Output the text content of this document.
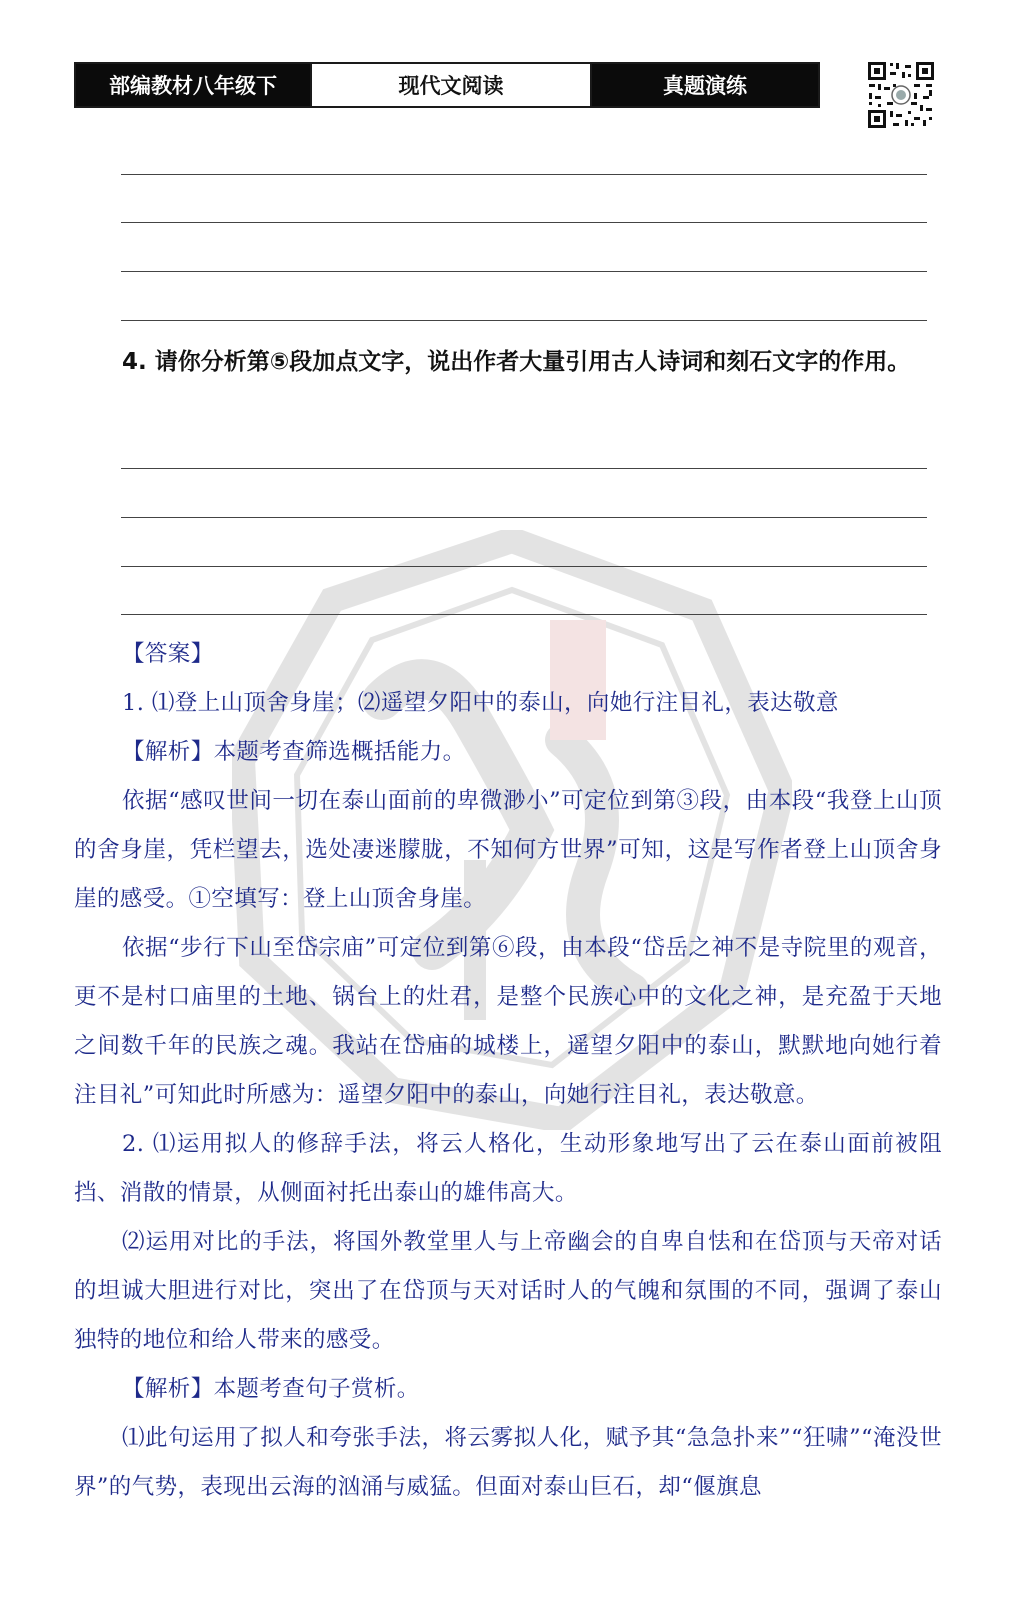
部编教材八年级下	现代文阅读	真题演练
4. 请你分析第⑤段加点文字，说出作者大量引用古人诗词和刻石文字的作用。

【答案】

1. ⑴登上山顶舍身崖；⑵遥望夕阳中的泰山，向她行注目礼，表达敬意

【解析】本题考查筛选概括能力。

依据“感叹世间一切在泰山面前的卑微渺小”可定位到第③段，由本段“我登上山顶的舍身崖，凭栏望去，选处凄迷朦胧，不知何方世界”可知，这是写作者登上山顶舍身崖的感受。①空填写：登上山顶舍身崖。

依据“步行下山至岱宗庙”可定位到第⑥段，由本段“岱岳之神不是寺院里的观音，更不是村口庙里的土地、锅台上的灶君，是整个民族心中的文化之神，是充盈于天地之间数千年的民族之魂。我站在岱庙的城楼上，遥望夕阳中的泰山，默默地向她行着注目礼”可知此时所感为：遥望夕阳中的泰山，向她行注目礼，表达敬意。

2. ⑴运用拟人的修辞手法，将云人格化，生动形象地写出了云在泰山面前被阻挡、消散的情景，从侧面衬托出泰山的雄伟高大。

⑵运用对比的手法，将国外教堂里人与上帝幽会的自卑自怯和在岱顶与天帝对话的坦诚大胆进行对比，突出了在岱顶与天对话时人的气魄和氛围的不同，强调了泰山独特的地位和给人带来的感受。

【解析】本题考查句子赏析。

⑴此句运用了拟人和夸张手法，将云雾拟人化，赋予其“急急扑来”“狂啸”“淹没世界”的气势，表现出云海的汹涌与威猛。但面对泰山巨石，却“偃旗息
